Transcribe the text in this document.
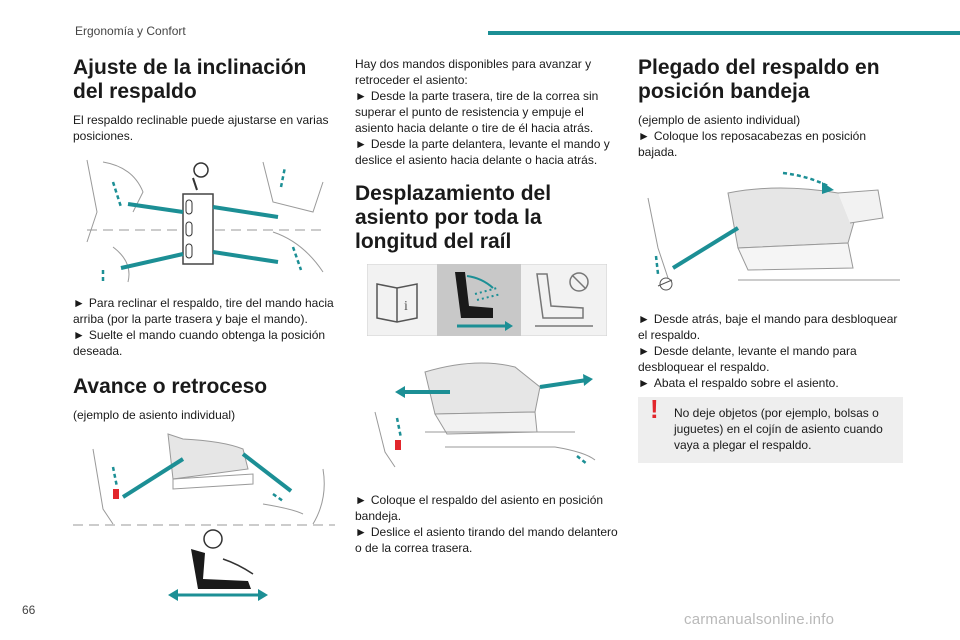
Ergonomía y Confort
Ajuste de la inclinación del respaldo

El respaldo reclinable puede ajustarse en varias posiciones.

► Para reclinar el respaldo, tire del mando hacia arriba (por la parte trasera y baje el mando).

► Suelte el mando cuando obtenga la posición deseada.

Avance o retroceso

(ejemplo de asiento individual)

Hay dos mandos disponibles para avanzar y retroceder el asiento:

► Desde la parte trasera, tire de la correa sin superar el punto de resistencia y empuje el asiento hacia delante o tire de él hacia atrás.

► Desde la parte delantera, levante el mando y deslice el asiento hacia delante o hacia atrás.

Desplazamiento del asiento por toda la longitud del raíl
i

► Coloque el respaldo del asiento en posición bandeja.

► Deslice el asiento tirando del mando delantero o de la correa trasera.

Plegado del respaldo en posición bandeja

(ejemplo de asiento individual)

► Coloque los reposacabezas en posición bajada.

► Desde atrás, baje el mando para desbloquear el respaldo.

► Desde delante, levante el mando para desbloquear el respaldo.

► Abata el respaldo sobre el asiento.

! No deje objetos (por ejemplo, bolsas o juguetes) en el cojín de asiento cuando vaya a plegar el respaldo.
66
carmanualsonline.info
